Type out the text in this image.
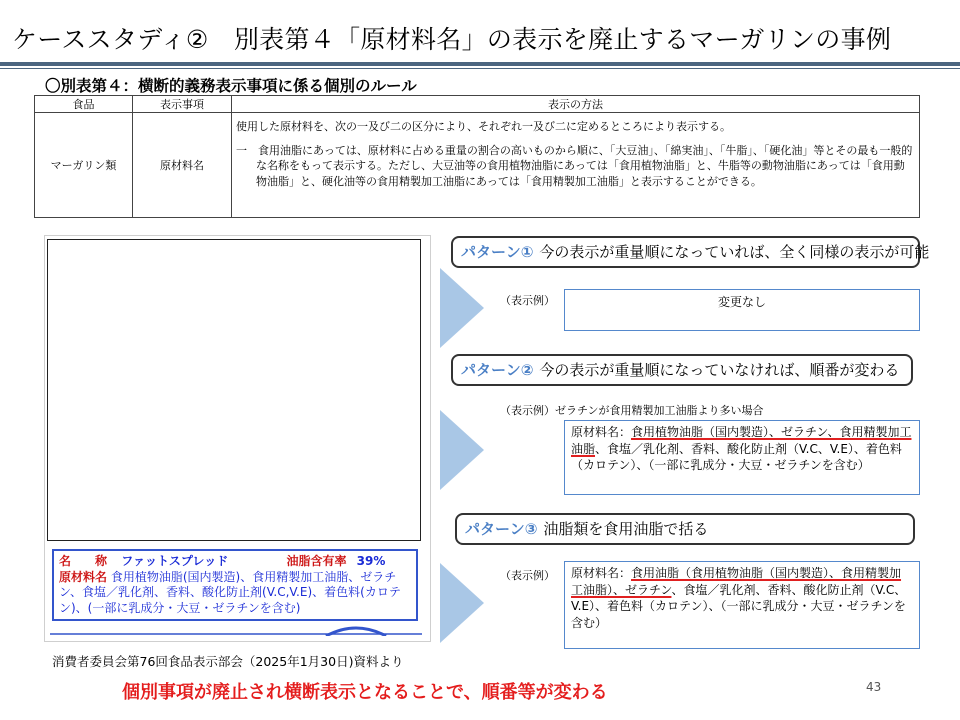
ケーススタディ②　別表第４「原材料名」の表示を廃止するマーガリンの事例
〇別表第４：横断的義務表示事項に係る個別のルール
食品	表示事項	表示の方法
マーガリン類	原材料名	使用した原材料を、次の一及び二の区分により、それぞれ一及び二に定めるところにより表示する。
一　食用油脂にあっては、原材料に占める重量の割合の高いものから順に、「大豆油」、「綿実油」、「牛脂」、「硬化油」等とその最も一般的な名称をもって表示する。ただし、大豆油等の食用植物油脂にあっては「食用植物油脂」と、牛脂等の動物油脂にあっては「食用動物油脂」と、硬化油等の食用精製加工油脂にあっては「食用精製加工油脂」と表示することができる。
名　　称 ファットスプレッド	油脂含有率 39%
原材料名 食用植物油脂(国内製造)、食用精製加工油脂、ゼラチン、食塩／乳化剤、香料、酸化防止剤(V.C,V.E)、着色料(カロテン)、(一部に乳成分・大豆・ゼラチンを含む)
パターン① 今の表示が重量順になっていれば、全く同様の表示が可能
（表示例）	変更なし
パターン② 今の表示が重量順になっていなければ、順番が変わる
（表示例）ゼラチンが食用精製加工油脂より多い場合
原材料名：食用植物油脂（国内製造）、ゼラチン、食用精製加工油脂、食塩／乳化剤、香料、酸化防止剤（V.C、V.E）、着色料（カロテン）、（一部に乳成分・大豆・ゼラチンを含む）
パターン③ 油脂類を食用油脂で括る
（表示例）	原材料名：食用油脂（食用植物油脂（国内製造）、食用精製加工油脂）、ゼラチン、食塩／乳化剤、香料、酸化防止剤（V.C、V.E）、着色料（カロテン）、（一部に乳成分・大豆・ゼラチンを含む）
消費者委員会第76回食品表示部会（2025年1月30日)資料より
個別事項が廃止され横断表示となることで、順番等が変わる	43
